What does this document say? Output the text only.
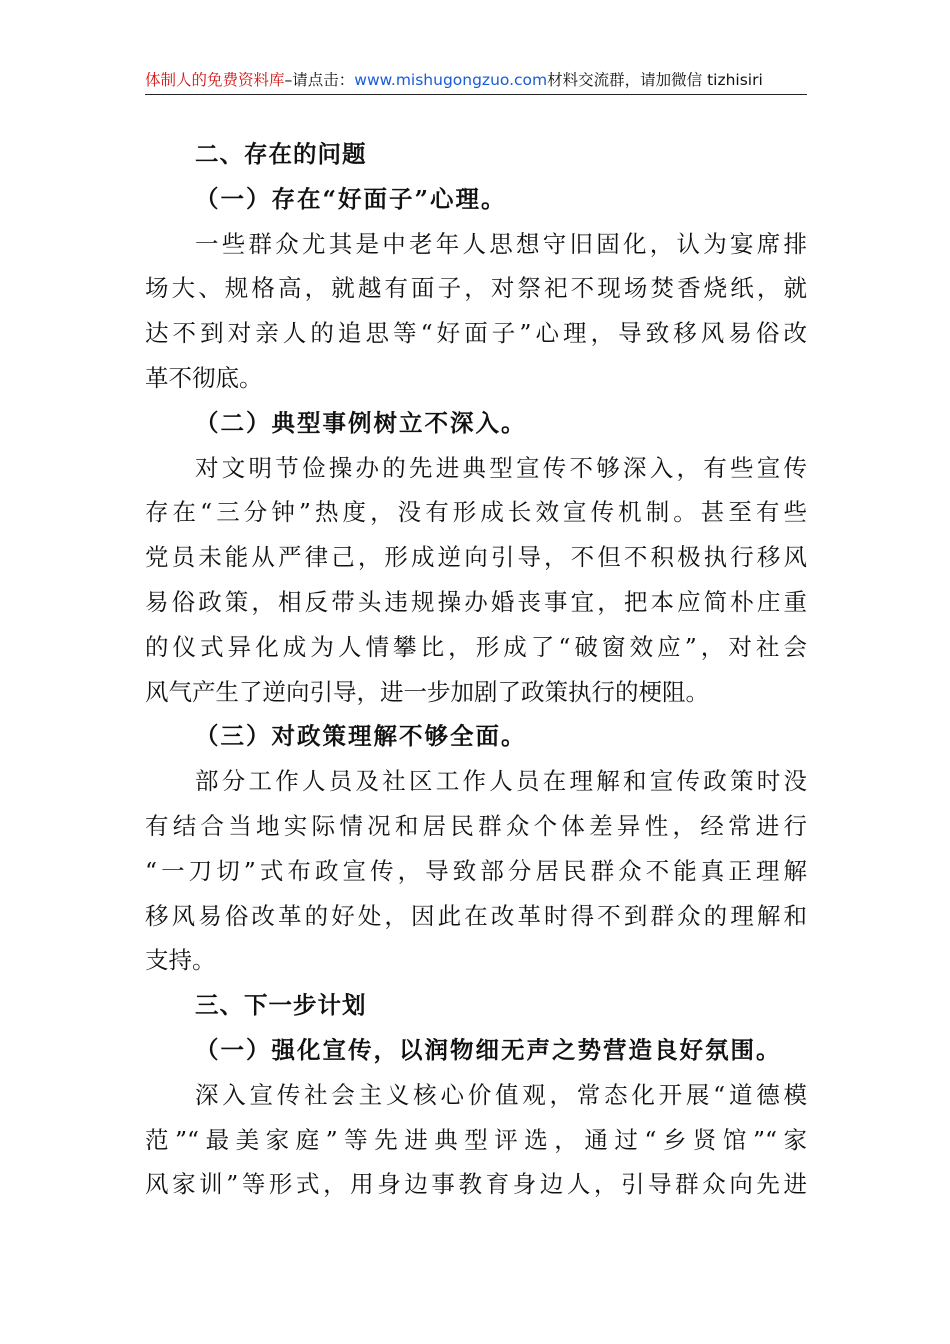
体制人的免费资料库–请点击：www.mishugongzuo.com材料交流群，请加微信 tizhisiri
二、存在的问题
（一）存在“好面子”心理。
一些群众尤其是中老年人思想守旧固化，认为宴席排
场大、规格高，就越有面子，对祭祀不现场焚香烧纸，就
达不到对亲人的追思等“好面子”心理，导致移风易俗改
革不彻底。
（二）典型事例树立不深入。
对文明节俭操办的先进典型宣传不够深入，有些宣传
存在“三分钟”热度，没有形成长效宣传机制。甚至有些
党员未能从严律己，形成逆向引导，不但不积极执行移风
易俗政策，相反带头违规操办婚丧事宜，把本应简朴庄重
的仪式异化成为人情攀比，形成了“破窗效应”，对社会
风气产生了逆向引导，进一步加剧了政策执行的梗阻。
（三）对政策理解不够全面。
部分工作人员及社区工作人员在理解和宣传政策时没
有结合当地实际情况和居民群众个体差异性，经常进行
“一刀切”式布政宣传，导致部分居民群众不能真正理解
移风易俗改革的好处，因此在改革时得不到群众的理解和
支持。
三、下一步计划
（一）强化宣传，以润物细无声之势营造良好氛围。
深入宣传社会主义核心价值观，常态化开展“道德模
范”“最美家庭”等先进典型评选，通过“乡贤馆”“家
风家训”等形式，用身边事教育身边人，引导群众向先进
